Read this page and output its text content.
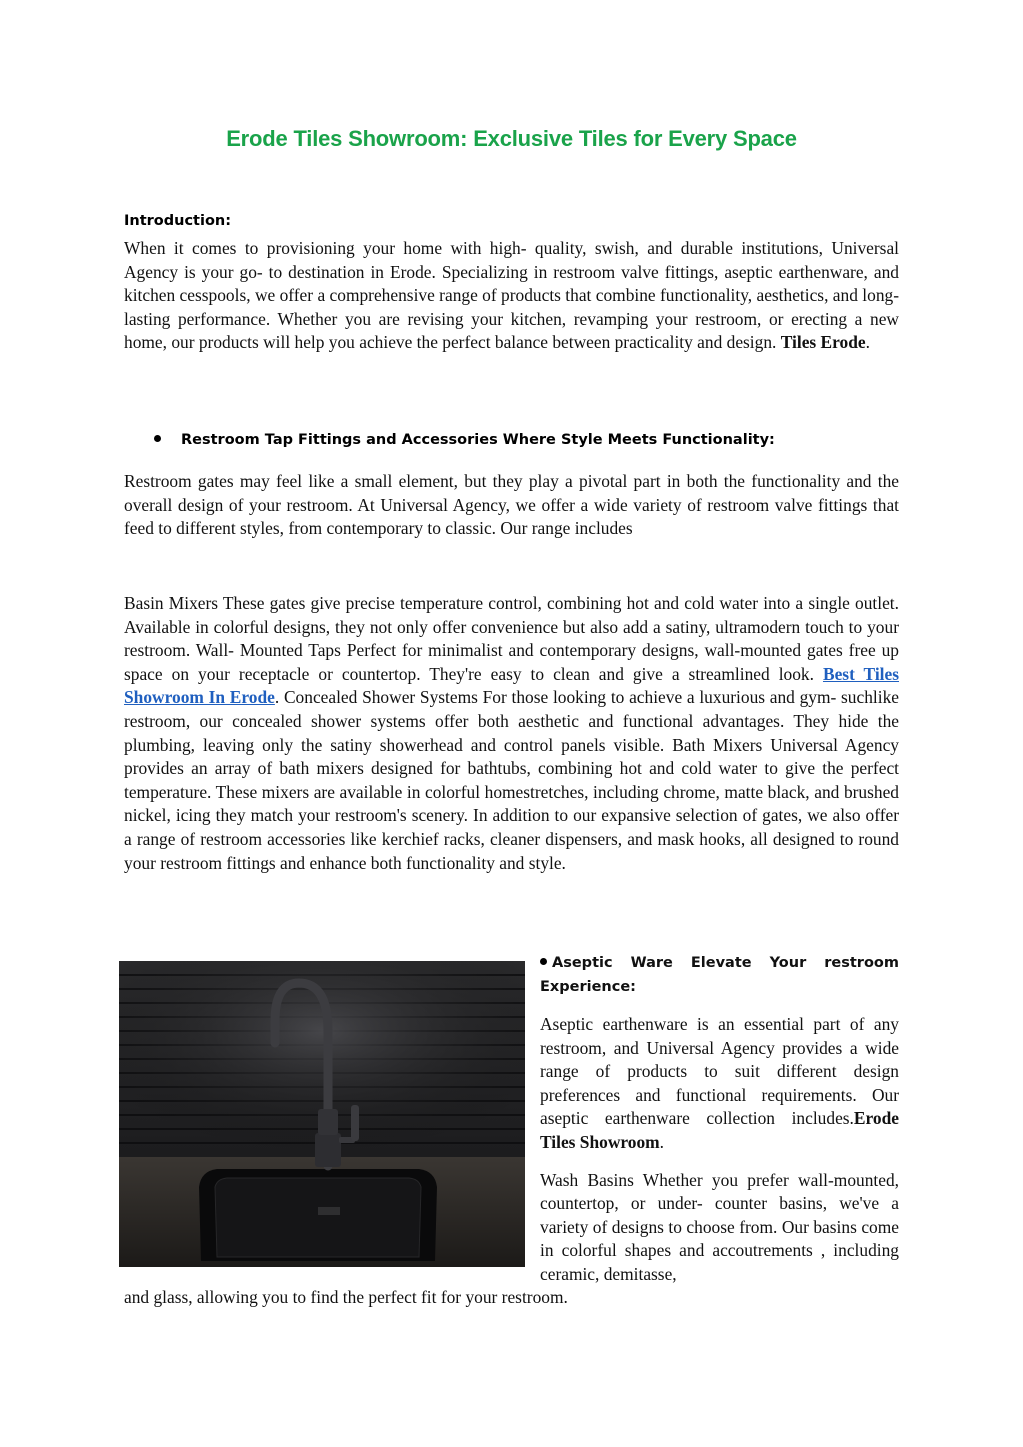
Erode Tiles Showroom: Exclusive Tiles for Every Space
Introduction:

When it comes to provisioning your home with high- quality, swish, and durable institutions, Universal Agency is your go- to destination in Erode. Specializing in restroom valve fittings, aseptic earthenware, and kitchen cesspools, we offer a comprehensive range of products that combine functionality, aesthetics, and long- lasting performance. Whether you are revising your kitchen, revamping your restroom, or erecting a new home, our products will help you achieve the perfect balance between practicality and design. Tiles Erode.

Restroom Tap Fittings and Accessories Where Style Meets Functionality:

Restroom gates may feel like a small element, but they play a pivotal part in both the functionality and the overall design of your restroom. At Universal Agency, we offer a wide variety of restroom valve fittings that feed to different styles, from contemporary to classic. Our range includes

Basin Mixers These gates give precise temperature control, combining hot and cold water into a single outlet. Available in colorful designs, they not only offer convenience but also add a satiny, ultramodern touch to your restroom. Wall- Mounted Taps Perfect for minimalist and contemporary designs, wall-mounted gates free up space on your receptacle or countertop. They're easy to clean and give a streamlined look. Best Tiles Showroom In Erode. Concealed Shower Systems For those looking to achieve a luxurious and gym- suchlike restroom, our concealed shower systems offer both aesthetic and functional advantages. They hide the plumbing, leaving only the satiny showerhead and control panels visible. Bath Mixers Universal Agency provides an array of bath mixers designed for bathtubs, combining hot and cold water to give the perfect temperature. These mixers are available in colorful homestretches, including chrome, matte black, and brushed nickel, icing they match your restroom's scenery. In addition to our expansive selection of gates, we also offer a range of restroom accessories like kerchief racks, cleaner dispensers, and mask hooks, all designed to round your restroom fittings and enhance both functionality and style.

Aseptic Ware Elevate Your restroom Experience:

Aseptic earthenware is an essential part of any restroom, and Universal Agency provides a wide range of products to suit different design preferences and functional requirements. Our aseptic earthenware collection includes.Erode Tiles Showroom.

Wash Basins Whether you prefer wall-mounted, countertop, or under- counter basins, we've a variety of designs to choose from. Our basins come in colorful shapes and accoutrements , including ceramic, demitasse,

and glass, allowing you to find the perfect fit for your restroom.
